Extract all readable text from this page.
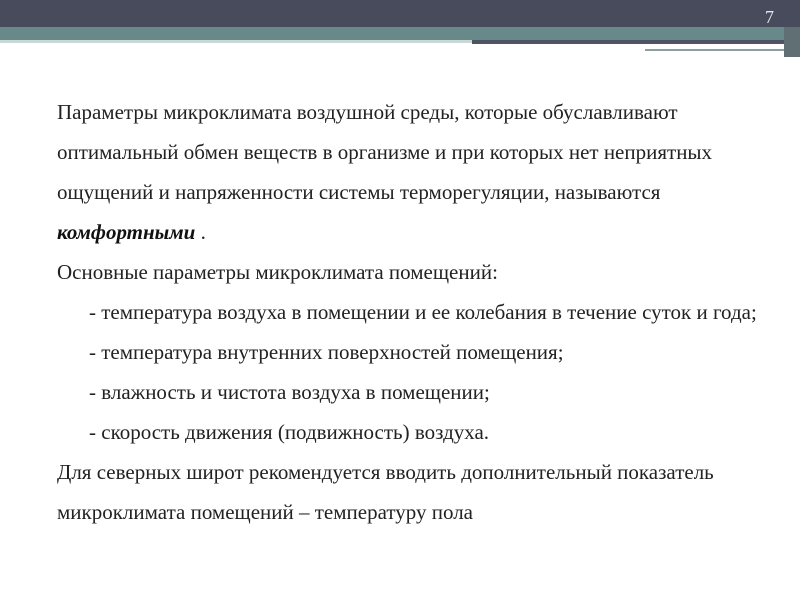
7

Параметры микроклимата воздушной среды, которые обуславливают оптимальный обмен веществ в организме и при которых нет неприятных ощущений и напряженности системы терморегуляции, называются комфортными .

Основные параметры микроклимата помещений:

- температура воздуха в помещении и ее колебания в течение суток и года;

- температура внутренних поверхностей помещения;

- влажность и чистота воздуха в помещении;

- скорость движения (подвижность) воздуха.

Для северных широт рекомендуется вводить дополнительный показатель микроклимата помещений – температуру пола
